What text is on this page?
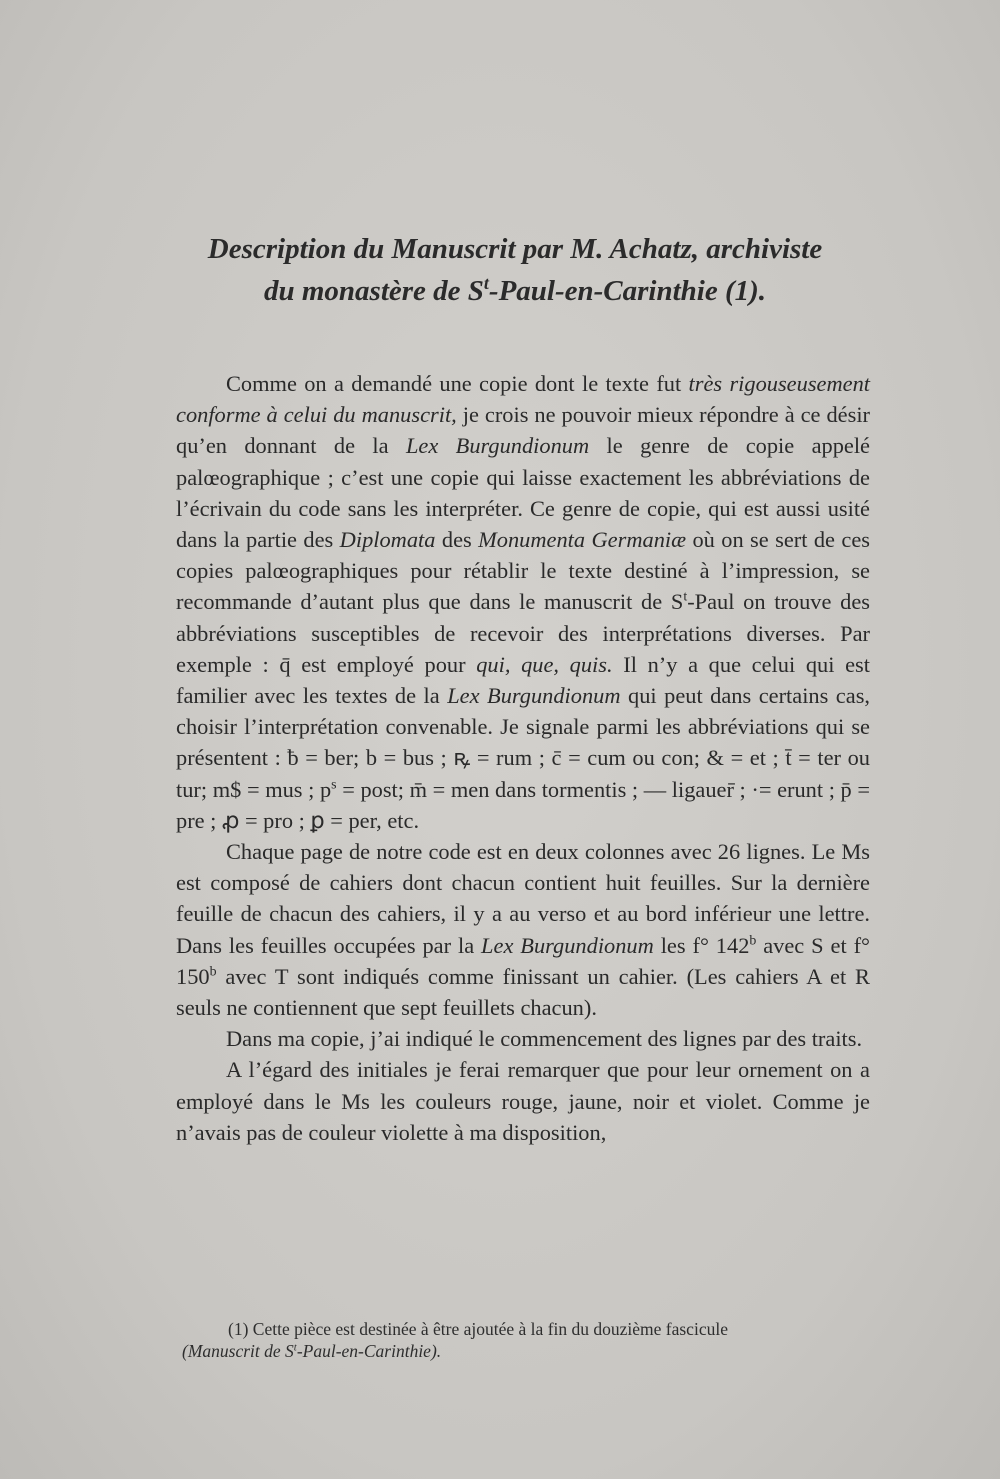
Description du Manuscrit par M. Achatz, archiviste
du monastère de $S^t-Paul-en$-Carinthie (1).

Comme on a demandé une copie dont le texte fut très rigouseusement conforme à celui du manuscrit, je crois ne pouvoir mieux répondre à ce désir qu’en donnant de la Lex Burgundionum le genre de copie appelé palœographique ; c’est une copie qui laisse exactement les abbréviations de l’écrivain du code sans les interpréter. Ce genre de copie, qui est aussi usité dans la partie des Diplomata des Monumenta Germaniæ où on se sert de ces copies palœographiques pour rétablir le texte destiné à l’impression, se recommande d’autant plus que dans le manuscrit de $S^t$-Paul on trouve des abbréviations susceptibles de recevoir des interprétations diverses. Par exemple : q̄ est employé pour qui, que, quis. Il n’y a que celui qui est familier avec les textes de la Lex Burgundionum qui peut dans certains cas, choisir l’interprétation convenable. Je signale parmi les abbréviations qui se présentent : ƀ = ber; b = bus ; ꝶ = rum ; c̄ = cum ou con; & = et ; t̄ = ter ou tur; m$ = mus ; $p^s$ = post; m̄ = men dans tormentis ; — ligauer̄ ; ·= erunt ; p̄ = pre ; ꝓ = pro ; ꝑ = per, etc.

Chaque page de notre code est en deux colonnes avec 26 lignes. Le Ms est composé de cahiers dont chacun contient huit feuilles. Sur la dernière feuille de chacun des cahiers, il y a au verso et au bord inférieur une lettre. Dans les feuilles occupées par la Lex Burgundionum les f° 142$^b$ avec S et f° 150$^b$ avec T sont indiqués comme finissant un cahier. (Les cahiers A et R seuls ne contiennent que sept feuillets chacun).

Dans ma copie, j’ai indiqué le commencement des lignes par des traits.

A l’égard des initiales je ferai remarquer que pour leur ornement on a employé dans le Ms les couleurs rouge, jaune, noir et violet. Comme je n’avais pas de couleur violette à ma disposition,

(1) Cette pièce est destinée à être ajoutée à la fin du douzième fascicule
(Manuscrit de $S^t-Paul-en-Carinthie$).
